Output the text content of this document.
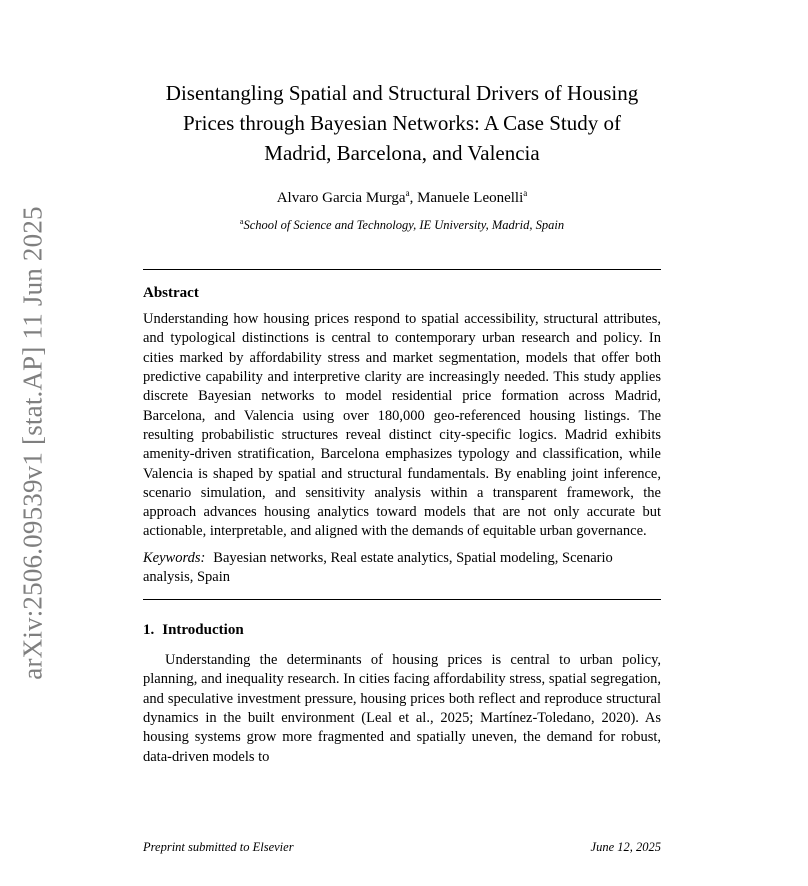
arXiv:2506.09539v1 [stat.AP] 11 Jun 2025
Disentangling Spatial and Structural Drivers of Housing
Prices through Bayesian Networks: A Case Study of
Madrid, Barcelona, and Valencia
Alvaro Garcia Murga$^a$, Manuele Leonelli$^a$
$^a$School of Science and Technology, IE University, Madrid, Spain
Abstract

Understanding how housing prices respond to spatial accessibility, structural attributes, and typological distinctions is central to contemporary urban research and policy. In cities marked by affordability stress and market segmentation, models that offer both predictive capability and interpretive clarity are increasingly needed. This study applies discrete Bayesian networks to model residential price formation across Madrid, Barcelona, and Valencia using over 180,000 geo-referenced housing listings. The resulting probabilistic structures reveal distinct city-specific logics. Madrid exhibits amenity-driven stratification, Barcelona emphasizes typology and classification, while Valencia is shaped by spatial and structural fundamentals. By enabling joint inference, scenario simulation, and sensitivity analysis within a transparent framework, the approach advances housing analytics toward models that are not only accurate but actionable, interpretable, and aligned with the demands of equitable urban governance.

Keywords: Bayesian networks, Real estate analytics, Spatial modeling, Scenario analysis, Spain
1. Introduction

Understanding the determinants of housing prices is central to urban policy, planning, and inequality research. In cities facing affordability stress, spatial segregation, and speculative investment pressure, housing prices both reflect and reproduce structural dynamics in the built environment (Leal et al., 2025; Martínez-Toledano, 2020). As housing systems grow more fragmented and spatially uneven, the demand for robust, data-driven models to

Preprint submitted to Elsevier	June 12, 2025
